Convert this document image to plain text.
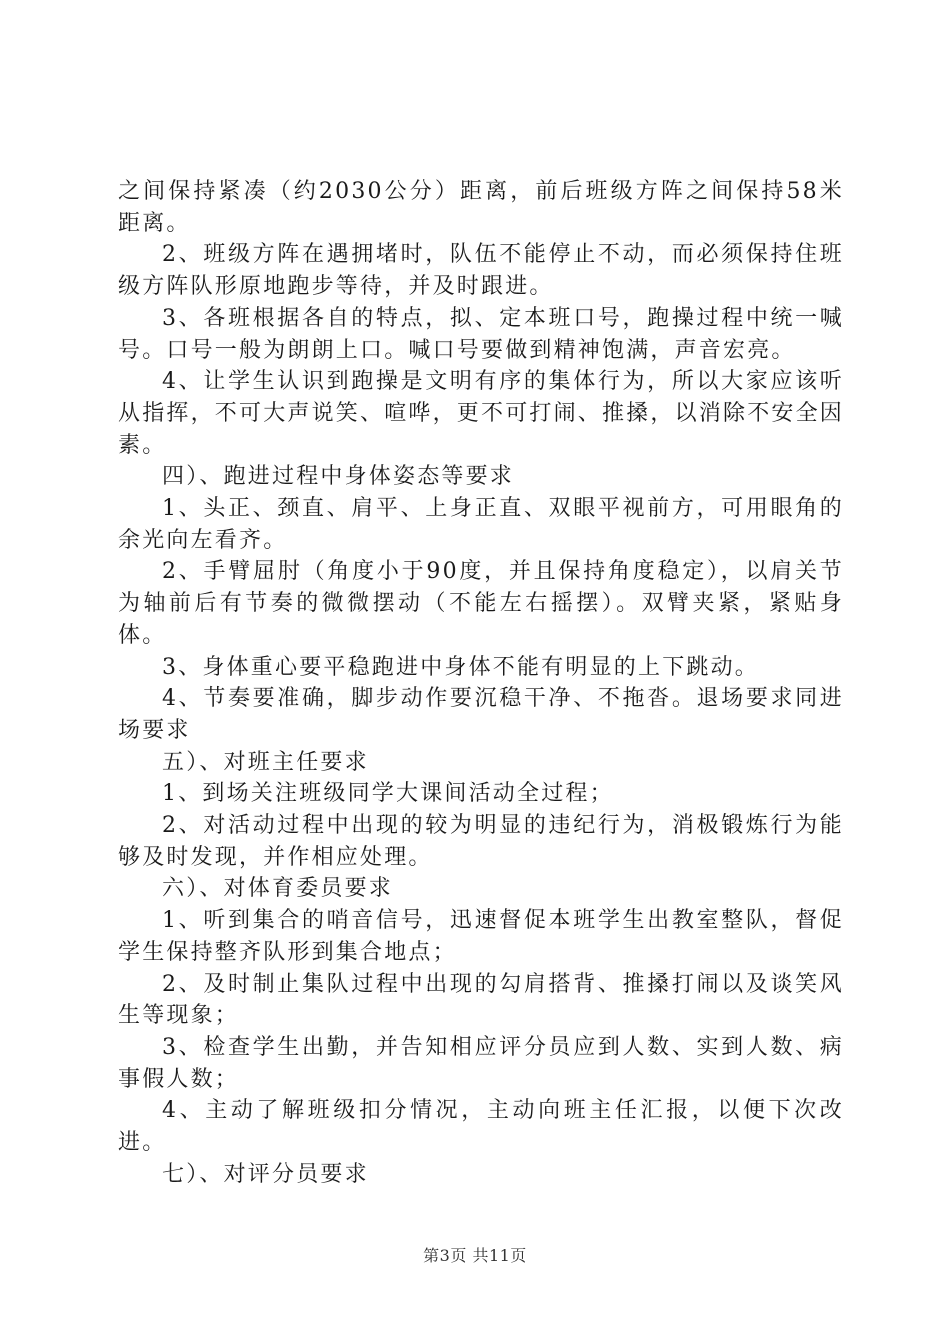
之间保持紧凑（约2030公分）距离，前后班级方阵之间保持58米距离。

2、班级方阵在遇拥堵时，队伍不能停止不动，而必须保持住班级方阵队形原地跑步等待，并及时跟进。

3、各班根据各自的特点，拟、定本班口号，跑操过程中统一喊号。口号一般为朗朗上口。喊口号要做到精神饱满，声音宏亮。

4、让学生认识到跑操是文明有序的集体行为，所以大家应该听从指挥，不可大声说笑、喧哗，更不可打闹、推搡，以消除不安全因素。

四）、跑进过程中身体姿态等要求

1、头正、颈直、肩平、上身正直、双眼平视前方，可用眼角的余光向左看齐。

2、手臂屈肘（角度小于90度，并且保持角度稳定），以肩关节为轴前后有节奏的微微摆动（不能左右摇摆）。双臂夹紧，紧贴身体。

3、身体重心要平稳跑进中身体不能有明显的上下跳动。

4、节奏要准确，脚步动作要沉稳干净、不拖沓。退场要求同进场要求

五）、对班主任要求

1、到场关注班级同学大课间活动全过程；

2、对活动过程中出现的较为明显的违纪行为，消极锻炼行为能够及时发现，并作相应处理。

六）、对体育委员要求

1、听到集合的哨音信号，迅速督促本班学生出教室整队，督促学生保持整齐队形到集合地点；

2、及时制止集队过程中出现的勾肩搭背、推搡打闹以及谈笑风生等现象；

3、检查学生出勤，并告知相应评分员应到人数、实到人数、病事假人数；

4、主动了解班级扣分情况，主动向班主任汇报，以便下次改进。

七）、对评分员要求

第3页 共11页
